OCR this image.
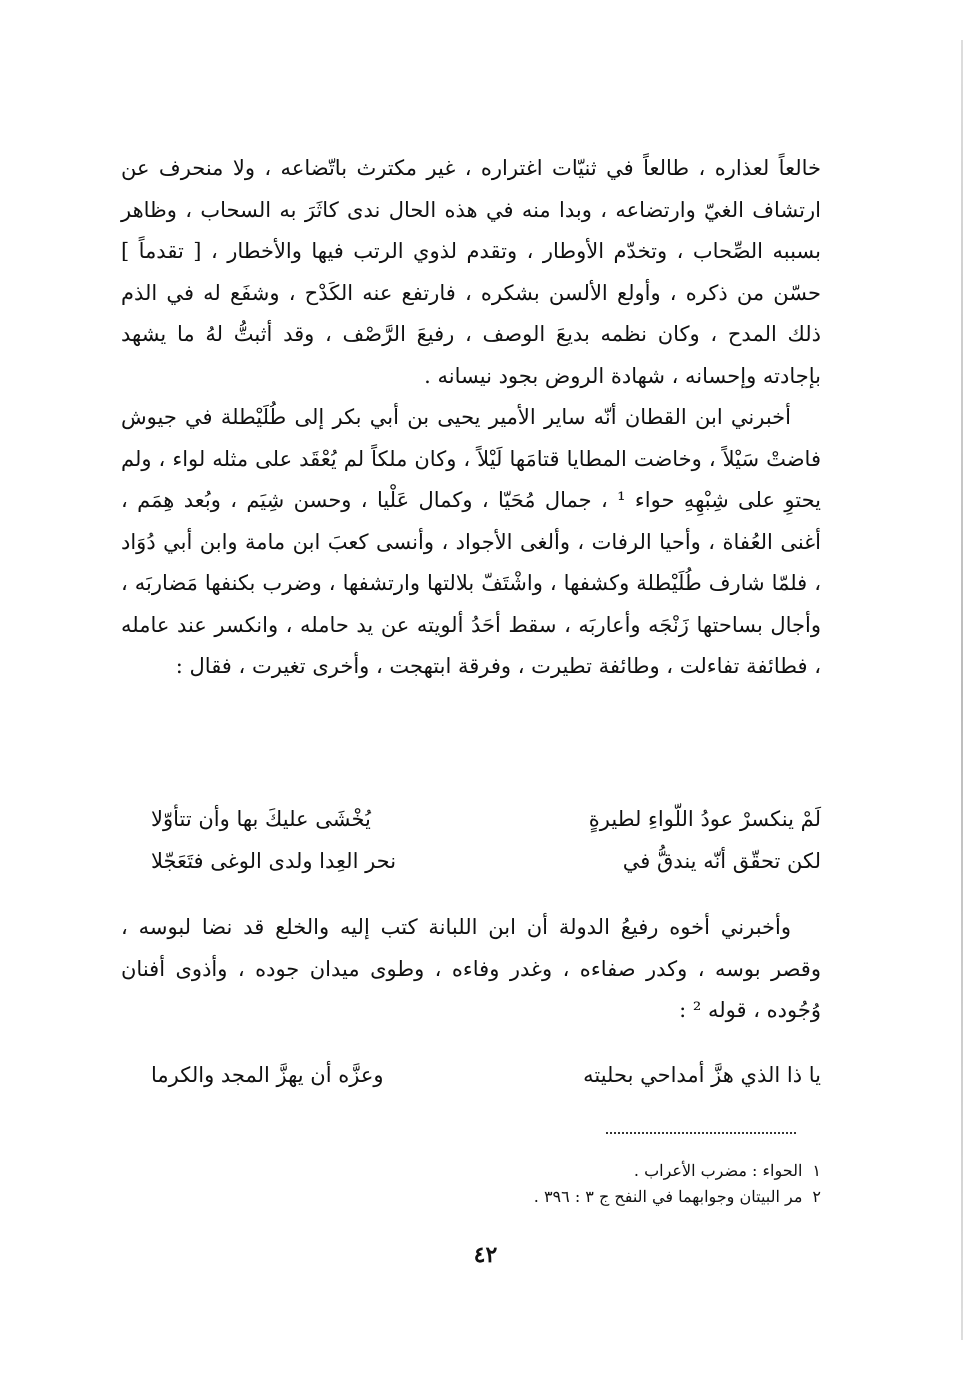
خالعاً لعذاره ، طالعاً في ثنيّات اغتراره ، غير مكترث باتّضاعه ، ولا منحرف عن ارتشاف الغيّ وارتضاعه ، وبدا منه في هذه الحال ندى كاثَرَ به السحاب ، وظاهر بسببه الصِّحاب ، وتخدّم الأوطار ، وتقدم لذوي الرتب فيها والأخطار ، [ تقدماً ] حسّن من ذكره ، وأولع الألسن بشكره ، فارتفع عنه الكَدْح ، وشفَع له في الذم ذلك المدح ، وكان نظمه بديعَ الوصف ، رفيعَ الرَّصْف ، وقد أثبتُّ لهُ ما يشهد بإجادته وإحسانه ، شهادة الروض بجود نيسانه .

أخبرني ابن القطان أنّه ساير الأمير يحيى بن أبي بكر إلى طُلَيْطلة في جيوش فاضتْ سَيْلاً ، وخاضت المطايا قتامَها لَيْلاً ، وكان ملكاً لم يُعْقَد على مثله لواء ، ولم يحتوِ على شِبْهِهِ حواء ¹ ، جمال مُحَيّا ، وكمال عَلْيا ، وحسن شِيَم ، وبُعد هِمَم ، أغنى العُفاة ، وأحيا الرفات ، وألغى الأجواد ، وأنسى كعبَ ابن مامة وابن أبي دُوَاد ، فلمّا شارف طُلَيْطلة وكشفها ، واشْتَفّ بلالتها وارتشفها ، وضرب بكنفها مَضاربَه ، وأجال بساحتها زَنْجَه وأعاربَه ، سقط أحَدُ ألويته عن يد حامله ، وانكسر عند عامله ، فطائفة تفاءلت ، وطائفة تطيرت ، وفرقة ابتهجت ، وأخرى تغيرت ، فقال :

لَمْ ينكسرْ عودُ اللّواءِ لطيرةٍ
يُخْشَى عليكَ بها وأن تتأوّلا
لكن تحقّق أنّه يندقُّ في
نحر العِدا ولدى الوغى فتَعَجّلا

وأخبرني أخوه رفيعُ الدولة أن ابن اللبانة كتب إليه والخلع قد نضا لبوسه ، وقصر بوسه ، وكدر صفاءه ، وغدر وفاءه ، وطوى ميدان جوده ، وأذوى أفنان وُجُوده ، قوله ² :

يا ذا الذي هزَّ أمداحي بحليته
وعزَّه أن يهزَّ المجد والكرما
١
الحواء : مضرب الأعراب .
٢
مر البيتان وجوابهما في النفح ج ٣ : ٣٩٦ .
٤٢
